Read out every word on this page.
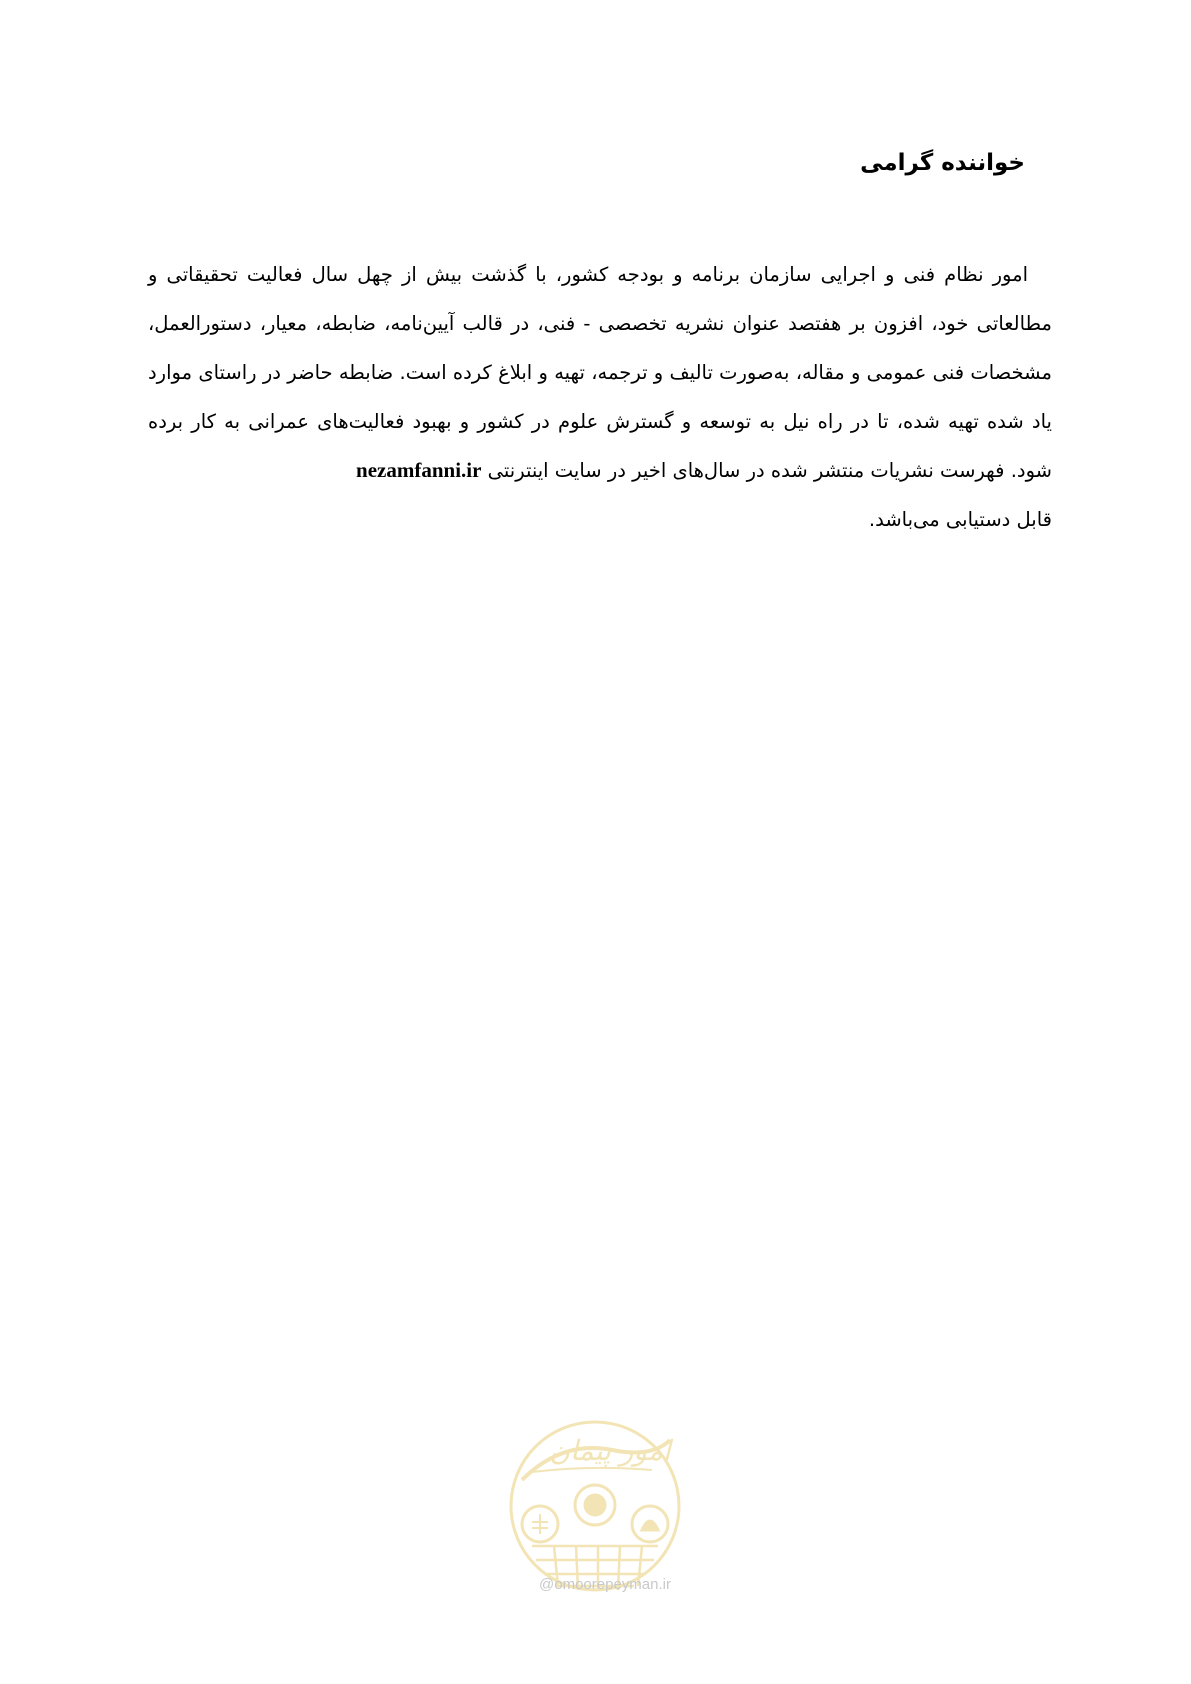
خواننده گرامی

امور نظام فنی و اجرایی سازمان برنامه و بودجه کشور، با گذشت بیش از چهل سال فعالیت تحقیقاتی و مطالعاتی خود، افزون بر هفتصد عنوان نشریه تخصصی - فنی، در قالب آیین‌نامه، ضابطه، معیار، دستورالعمل، مشخصات فنی عمومی و مقاله، به‌صورت تالیف و ترجمه، تهیه و ابلاغ کرده است. ضابطه حاضر در راستای موارد یاد شده تهیه شده، تا در راه نیل به توسعه و گسترش علوم در کشور و بهبود فعالیت‌های عمرانی به کار برده شود. فهرست نشریات منتشر شده در سال‌های اخیر در سایت اینترنتی nezamfanni.ir
قابل دستیابی می‌باشد.

امور پیمان
@omoorepeyman.ir
